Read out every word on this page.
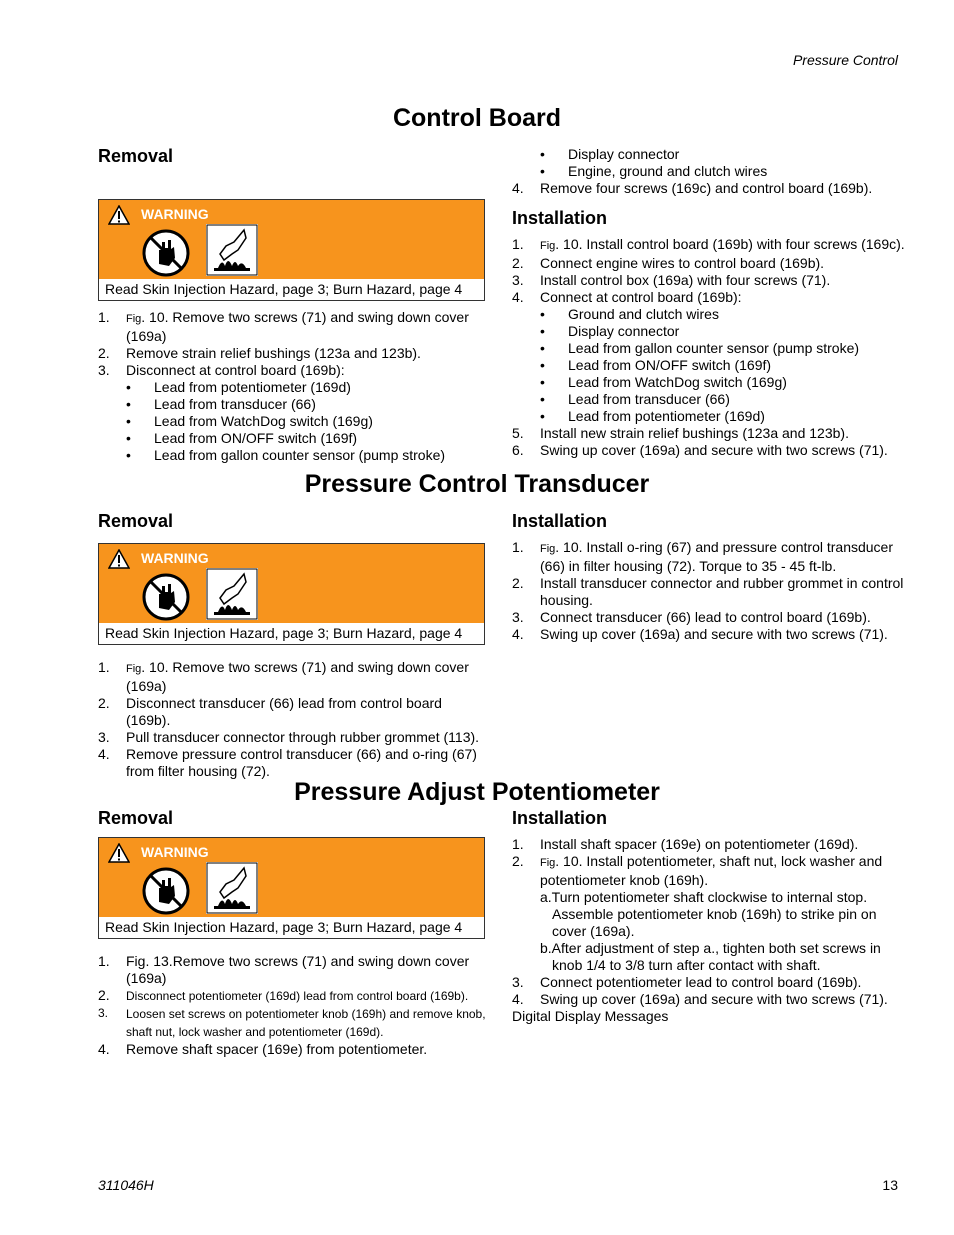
Pressure Control
Control Board
Removal
WARNING
Read Skin Injection Hazard, page 3; Burn Hazard, page 4
1. Fig. 10. Remove two screws (71) and swing down cover (169a)
2. Remove strain relief bushings (123a and 123b).
3. Disconnect at control board (169b):
• Lead from potentiometer (169d)
• Lead from transducer (66)
• Lead from WatchDog switch (169g)
• Lead from ON/OFF switch (169f)
• Lead from gallon counter sensor (pump stroke)
• Display connector
• Engine, ground and clutch wires
4. Remove four screws (169c) and control board (169b).
Installation
1. Fig. 10. Install control board (169b) with four screws (169c).
2. Connect engine wires to control board (169b).
3. Install control box (169a) with four screws (71).
4. Connect at control board (169b):
• Ground and clutch wires
• Display connector
• Lead from gallon counter sensor (pump stroke)
• Lead from ON/OFF switch (169f)
• Lead from WatchDog switch (169g)
• Lead from transducer (66)
• Lead from potentiometer (169d)
5. Install new strain relief bushings (123a and 123b).
6. Swing up cover (169a) and secure with two screws (71).
Pressure Control Transducer
Removal
WARNING
Read Skin Injection Hazard, page 3; Burn Hazard, page 4
1. Fig. 10. Remove two screws (71) and swing down cover (169a)
2. Disconnect transducer (66) lead from control board (169b).
3. Pull transducer connector through rubber grommet (113).
4. Remove pressure control transducer (66) and o-ring (67) from filter housing (72).
Installation
1. Fig. 10. Install o-ring (67) and pressure control transducer (66) in filter housing (72). Torque to 35 - 45 ft-lb.
2. Install transducer connector and rubber grommet in control housing.
3. Connect transducer (66) lead to control board (169b).
4. Swing up cover (169a) and secure with two screws (71).
Pressure Adjust Potentiometer
Removal
WARNING
Read Skin Injection Hazard, page 3; Burn Hazard, page 4
1. Fig. 13.Remove two screws (71) and swing down cover (169a)
2. Disconnect potentiometer (169d) lead from control board (169b).
3. Loosen set screws on potentiometer knob (169h) and remove knob, shaft nut, lock washer and potentiometer (169d).
4. Remove shaft spacer (169e) from potentiometer.
Installation
1. Install shaft spacer (169e) on potentiometer (169d).
2. Fig. 10. Install potentiometer, shaft nut, lock washer and potentiometer knob (169h).
a.Turn potentiometer shaft clockwise to internal stop. Assemble potentiometer knob (169h) to strike pin on cover (169a).
b.After adjustment of step a., tighten both set screws in knob 1/4 to 3/8 turn after contact with shaft.
3. Connect potentiometer lead to control board (169b).
4. Swing up cover (169a) and secure with two screws (71).
Digital Display Messages
311046H	13
